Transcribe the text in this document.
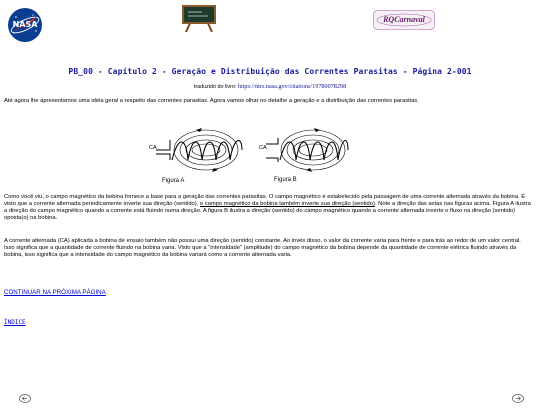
NASA
RQCarnaval
PB_00 - Capítulo 2 - Geração e Distribuição das Correntes Parasitas - Página 2-001
traduzido do livro: https://ntrs.nasa.gov/citations/19780078298
Até agora lhe apresentamos uma idéia geral a respeito das correntes parasitas. Agora vamos olhar no detalhe a geração e a distribuição das correntes parasitas.
CA	CA
Figura A	Figura B
Como você viu, o campo magnético da bobina fornece a base para a geração das correntes parasitas. O campo magnético é estabelecido pela passagem de uma corrente alternada através da bobina. É visto que a corrente alternada periodicamente inverte sua direção (sentido), o campo magnético da bobina também inverte sua direção (sentido). Note a direção das setas nas figuras acima. Figura A ilustra a direção do campo magnético quando a corrente está fluindo numa direção. A figura B ilustra a direção (sentido) do campo magnético quando a corrente alternada inverte o fluxo na direção (sentido) oposta(o) na bobina.
A corrente alternada (CA) aplicada a bobina de ensaio também não possui uma direção (sentido) constante. Ao invés disso, o valor da corrente varia para frente e para trás ao redor de um valor central. Isso significa que a quantidade de corrente fluindo na bobina varia. Visto que a "intensidade" (amplitude) do campo magnético da bobina depende da quantidade de corrente elétrica fluindo através da bobina, isso significa que a intensidade do campo magnético da bobina variará como a corrente alternada varia.
CONTINUAR NA PRÓXIMA PÁGINA
ÍNDICE
